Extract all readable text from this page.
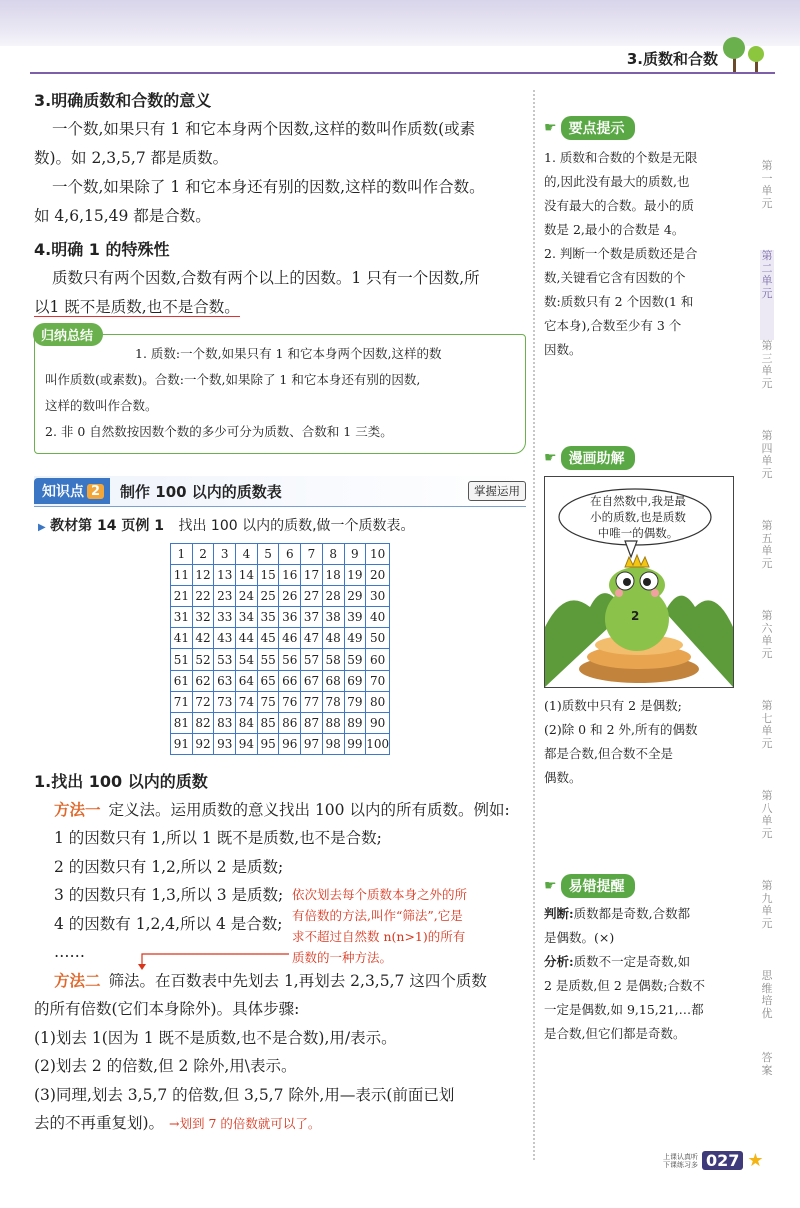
3.质数和合数
3.明确质数和合数的意义

一个数,如果只有 1 和它本身两个因数,这样的数叫作质数(或素

数)。如 2,3,5,7 都是质数。

一个数,如果除了 1 和它本身还有别的因数,这样的数叫作合数。

如 4,6,15,49 都是合数。

4.明确 1 的特殊性

质数只有两个因数,合数有两个以上的因数。1 只有一个因数,所

以1 既不是质数,也不是合数。

归纳总结

1. 质数:一个数,如果只有 1 和它本身两个因数,这样的数

叫作质数(或素数)。合数:一个数,如果除了 1 和它本身还有别的因数,

这样的数叫作合数。

2. 非 0 自然数按因数个数的多少可分为质数、合数和 1 三类。

知识点 2 制作 100 以内的质数表	掌握运用
▶ 教材第 14 页例 1 找出 100 以内的质数,做一个质数表。
1	2	3	4	5	6	7	8	9	10
11	12	13	14	15	16	17	18	19	20
21	22	23	24	25	26	27	28	29	30
31	32	33	34	35	36	37	38	39	40
41	42	43	44	45	46	47	48	49	50
51	52	53	54	55	56	57	58	59	60
61	62	63	64	65	66	67	68	69	70
71	72	73	74	75	76	77	78	79	80
81	82	83	84	85	86	87	88	89	90
91	92	93	94	95	96	97	98	99	100
1.找出 100 以内的质数

方法一 定义法。运用质数的意义找出 100 以内的所有质数。例如:

1 的因数只有 1,所以 1 既不是质数,也不是合数;

2 的因数只有 1,2,所以 2 是质数;

3 的因数只有 1,3,所以 3 是质数;

4 的因数有 1,2,4,所以 4 是合数;

……

依次划去每个质数本身之外的所
有倍数的方法,叫作“筛法”,它是
求不超过自然数 n(n>1)的所有
质数的一种方法。

方法二 筛法。在百数表中先划去 1,再划去 2,3,5,7 这四个质数

的所有倍数(它们本身除外)。具体步骤:

(1)划去 1(因为 1 既不是质数,也不是合数),用/表示。

(2)划去 2 的倍数,但 2 除外,用\表示。

(3)同理,划去 3,5,7 的倍数,但 3,5,7 除外,用—表示(前面已划

去的不再重复划)。 →划到 7 的倍数就可以了。

☛ 要点提示

1. 质数和合数的个数是无限

的,因此没有最大的质数,也

没有最大的合数。最小的质

数是 2,最小的合数是 4。

2. 判断一个数是质数还是合

数,关键看它含有因数的个

数:质数只有 2 个因数(1 和

它本身),合数至少有 3 个

因数。

☛ 漫画助解
在自然数中,我是最
小的质数,也是质数
中唯一的偶数。
2

(1)质数中只有 2 是偶数;

(2)除 0 和 2 外,所有的偶数

都是合数,但合数不全是

偶数。

☛ 易错提醒

判断:质数都是奇数,合数都

是偶数。(×)

分析:质数不一定是奇数,如

2 是质数,但 2 是偶数;合数不

一定是偶数,如 9,15,21,…都

是合数,但它们都是奇数。

第一单元
第二单元
第三单元
第四单元
第五单元
第六单元
第七单元
第八单元
第九单元
思维培优
答案
上课认真听
下课练习多 027 ★
